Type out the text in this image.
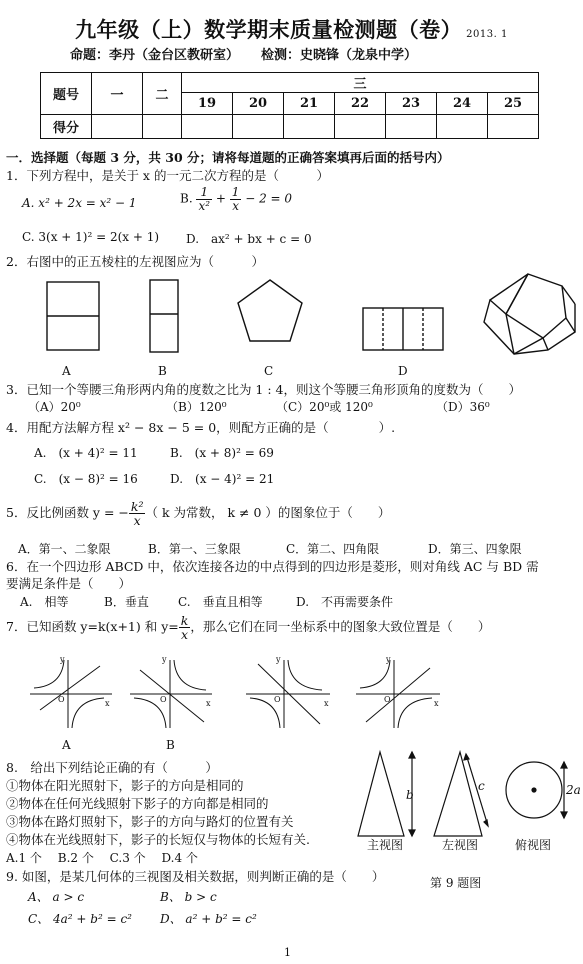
九年级（上）数学期末质量检测题（卷） 2013. 1
命题：李丹（金台区教研室） 检测：史晓锋（龙泉中学）
题号	一	二	三						
			19	20	21	22	23	24	25
得分									
一．选择题（每题 3 分，共 30 分；请将每道题的正确答案填再后面的括号内）
1．下列方程中，是关于 x 的一元二次方程的是（　　　）
A. x² + 2x = x² − 1	B. $\frac{1}{\text{x²}} + \frac{1}{x} - 2 = 0$
C. 3(x + 1)² = 2(x + 1) D.　ax² + bx + c = 0
2．右图中的正五棱柱的左视图应为（　　　）
A	B	C	D
3．已知一个等腰三角形两内角的度数之比为 1 : 4，则这个等腰三角形顶角的度数为（　　）
（A）20⁰	（B）120⁰	（C）20⁰或 120⁰	（D）36⁰
4．用配方法解方程 x² − 8x − 5 = 0，则配方正确的是（　　　　）.
A.　(x + 4)² = 11	B.　(x + 8)² = 69
C.　(x − 8)² = 16	D.　(x − 4)² = 21
5．反比例函数 y = − $\frac{\text{k²}}{x}$ （ k 为常数， k ≠ 0 ）的图象位于（　　）
A．第一、二象限	B．第一、三象限	C．第二、四角限	D．第三、四象限
6．在一个四边形 ABCD 中，依次连接各边的中点得到的四边形是菱形，则对角线 AC 与 BD 需
要满足条件是（　　）
A.　相等	B．垂直 C.　垂直且相等	D.　不再需要条件
7．已知函数 y=k(x+1) 和 $y= \frac{k}{x}$ ，那么它们在同一坐标系中的图象大致位置是（　　）
y
x
O
y
x
O
y
x
O
y
x
O
A	B
8.　给出下列结论正确的有（　　　）
①物体在阳光照射下，影子的方向是相同的
②物体在任何光线照射下影子的方向都是相同的
③物体在路灯照射下，影子的方向与路灯的位置有关
④物体在光线照射下，影子的长短仅与物体的长短有关.
A.1 个　 B.2 个　 C.3 个　 D.4 个
b
c	2a
主视图	左视图	俯视图
第 9 题图
9. 如图，是某几何体的三视图及相关数据，则判断正确的是（　　）
A、 a > c	B、 b > c
C、 4a² + b² = c² D、 a² + b² = c²
1
